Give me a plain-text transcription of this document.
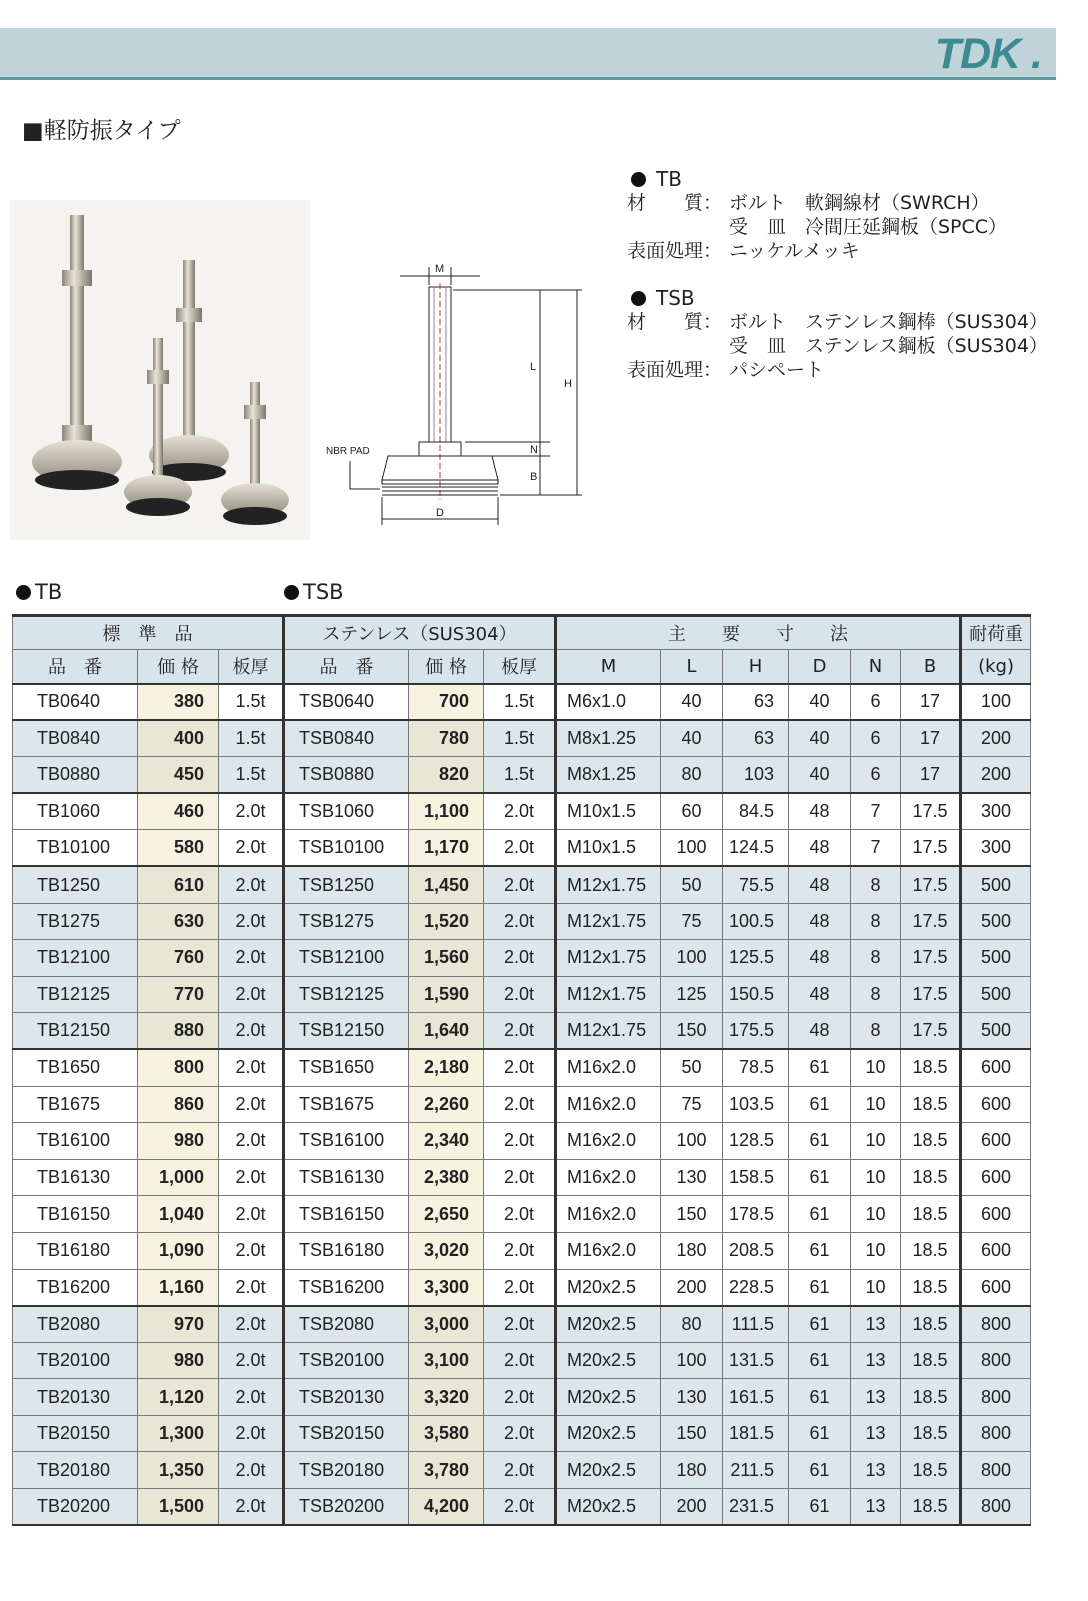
TDK .
■軽防振タイプ
M
L
H
N
B
D
NBR PAD
TB
材　　質： ボルト　軟鋼線材（SWRCH）
受　皿　冷間圧延鋼板（SPCC）
表面処理： ニッケルメッキ
TSB
材　　質： ボルト　ステンレス鋼棒（SUS304）
受　皿　ステンレス鋼板（SUS304）
表面処理： パシペート
TB	TSB
標　準　品			ステンレス（SUS304）			主　　要　　寸　　法						耐荷重
品　番	価 格	板厚	品　番	価 格	板厚	M	L	H	D	N	B	(kg)
TB0640	380	1.5t	TSB0640	700	1.5t	M6x1.0	40	63	40	6	17	100
TB0840	400	1.5t	TSB0840	780	1.5t	M8x1.25	40	63	40	6	17	200
TB0880	450	1.5t	TSB0880	820	1.5t	M8x1.25	80	103	40	6	17	200
TB1060	460	2.0t	TSB1060	1,100	2.0t	M10x1.5	60	84.5	48	7	17.5	300
TB10100	580	2.0t	TSB10100	1,170	2.0t	M10x1.5	100	124.5	48	7	17.5	300
TB1250	610	2.0t	TSB1250	1,450	2.0t	M12x1.75	50	75.5	48	8	17.5	500
TB1275	630	2.0t	TSB1275	1,520	2.0t	M12x1.75	75	100.5	48	8	17.5	500
TB12100	760	2.0t	TSB12100	1,560	2.0t	M12x1.75	100	125.5	48	8	17.5	500
TB12125	770	2.0t	TSB12125	1,590	2.0t	M12x1.75	125	150.5	48	8	17.5	500
TB12150	880	2.0t	TSB12150	1,640	2.0t	M12x1.75	150	175.5	48	8	17.5	500
TB1650	800	2.0t	TSB1650	2,180	2.0t	M16x2.0	50	78.5	61	10	18.5	600
TB1675	860	2.0t	TSB1675	2,260	2.0t	M16x2.0	75	103.5	61	10	18.5	600
TB16100	980	2.0t	TSB16100	2,340	2.0t	M16x2.0	100	128.5	61	10	18.5	600
TB16130	1,000	2.0t	TSB16130	2,380	2.0t	M16x2.0	130	158.5	61	10	18.5	600
TB16150	1,040	2.0t	TSB16150	2,650	2.0t	M16x2.0	150	178.5	61	10	18.5	600
TB16180	1,090	2.0t	TSB16180	3,020	2.0t	M16x2.0	180	208.5	61	10	18.5	600
TB16200	1,160	2.0t	TSB16200	3,300	2.0t	M20x2.5	200	228.5	61	10	18.5	600
TB2080	970	2.0t	TSB2080	3,000	2.0t	M20x2.5	80	111.5	61	13	18.5	800
TB20100	980	2.0t	TSB20100	3,100	2.0t	M20x2.5	100	131.5	61	13	18.5	800
TB20130	1,120	2.0t	TSB20130	3,320	2.0t	M20x2.5	130	161.5	61	13	18.5	800
TB20150	1,300	2.0t	TSB20150	3,580	2.0t	M20x2.5	150	181.5	61	13	18.5	800
TB20180	1,350	2.0t	TSB20180	3,780	2.0t	M20x2.5	180	211.5	61	13	18.5	800
TB20200	1,500	2.0t	TSB20200	4,200	2.0t	M20x2.5	200	231.5	61	13	18.5	800
